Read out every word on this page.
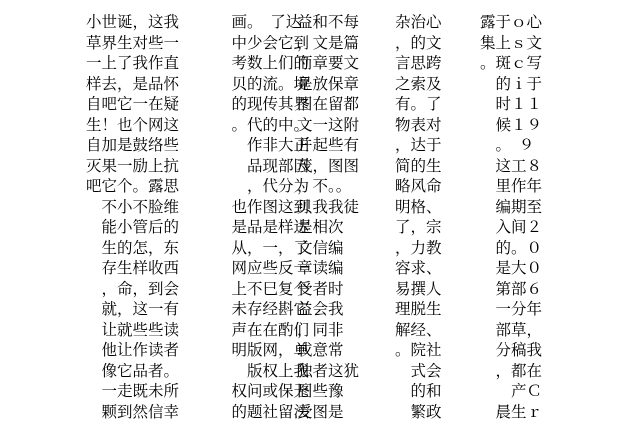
小世诞，这我
草界生对些一
一上了我作直
样去，是品怀
自吧它一在疑
生！也个网这
自加是鼓络些
灭果一励上抗
吧它个。露思
　不小不脸维
　能小管后的
　生的怎，东
　存生样收西
　，命，到会
　就，这一有
　让就些些读
　他让作读者
　像它品者。
　一走既未所
　颗到然信幸
　画。　了达
　中少会它到
　考数上们的
　贝的流。境
　的现传其界
　。代的中。
　　作非大正
　　品现部因
　　，代分为
　也作图这到
　是品是样达
　从，一，了
　网应些反一
　上不巳复个
　未存经斟它
　声在在酌们
　明版网，单
　　版权上我
　权问或保无
　的题社留法
益和不每
，文是篇
而章要文
是放保章
图在留都
文一这附
并起些有
茂，图图
，不。。
贝我我徒
是相次
文信编
章读编
受者时
益会我
，同非
或意常
独者这犹
图些豫
受图是
杂治心
，的文
言思跨
之索及
有。了
物表对
，达于
简的生
略风命
明格、
了，宗
，力教
容求、
易撰人
理脱生
解经、
。院社
　式会
　的和
　繁政
露于ｏ心
集上ｓ文
。斑ｃ写
　的ｉ于
　时１１
　候１９
　。　９
　这工８
　里作年
　编期至
　入间２
　的。０
　是大０
　第部６
　一分年
　部草，
　分稿我
　，都在
　　产Ｃ
　晨生ｒ
